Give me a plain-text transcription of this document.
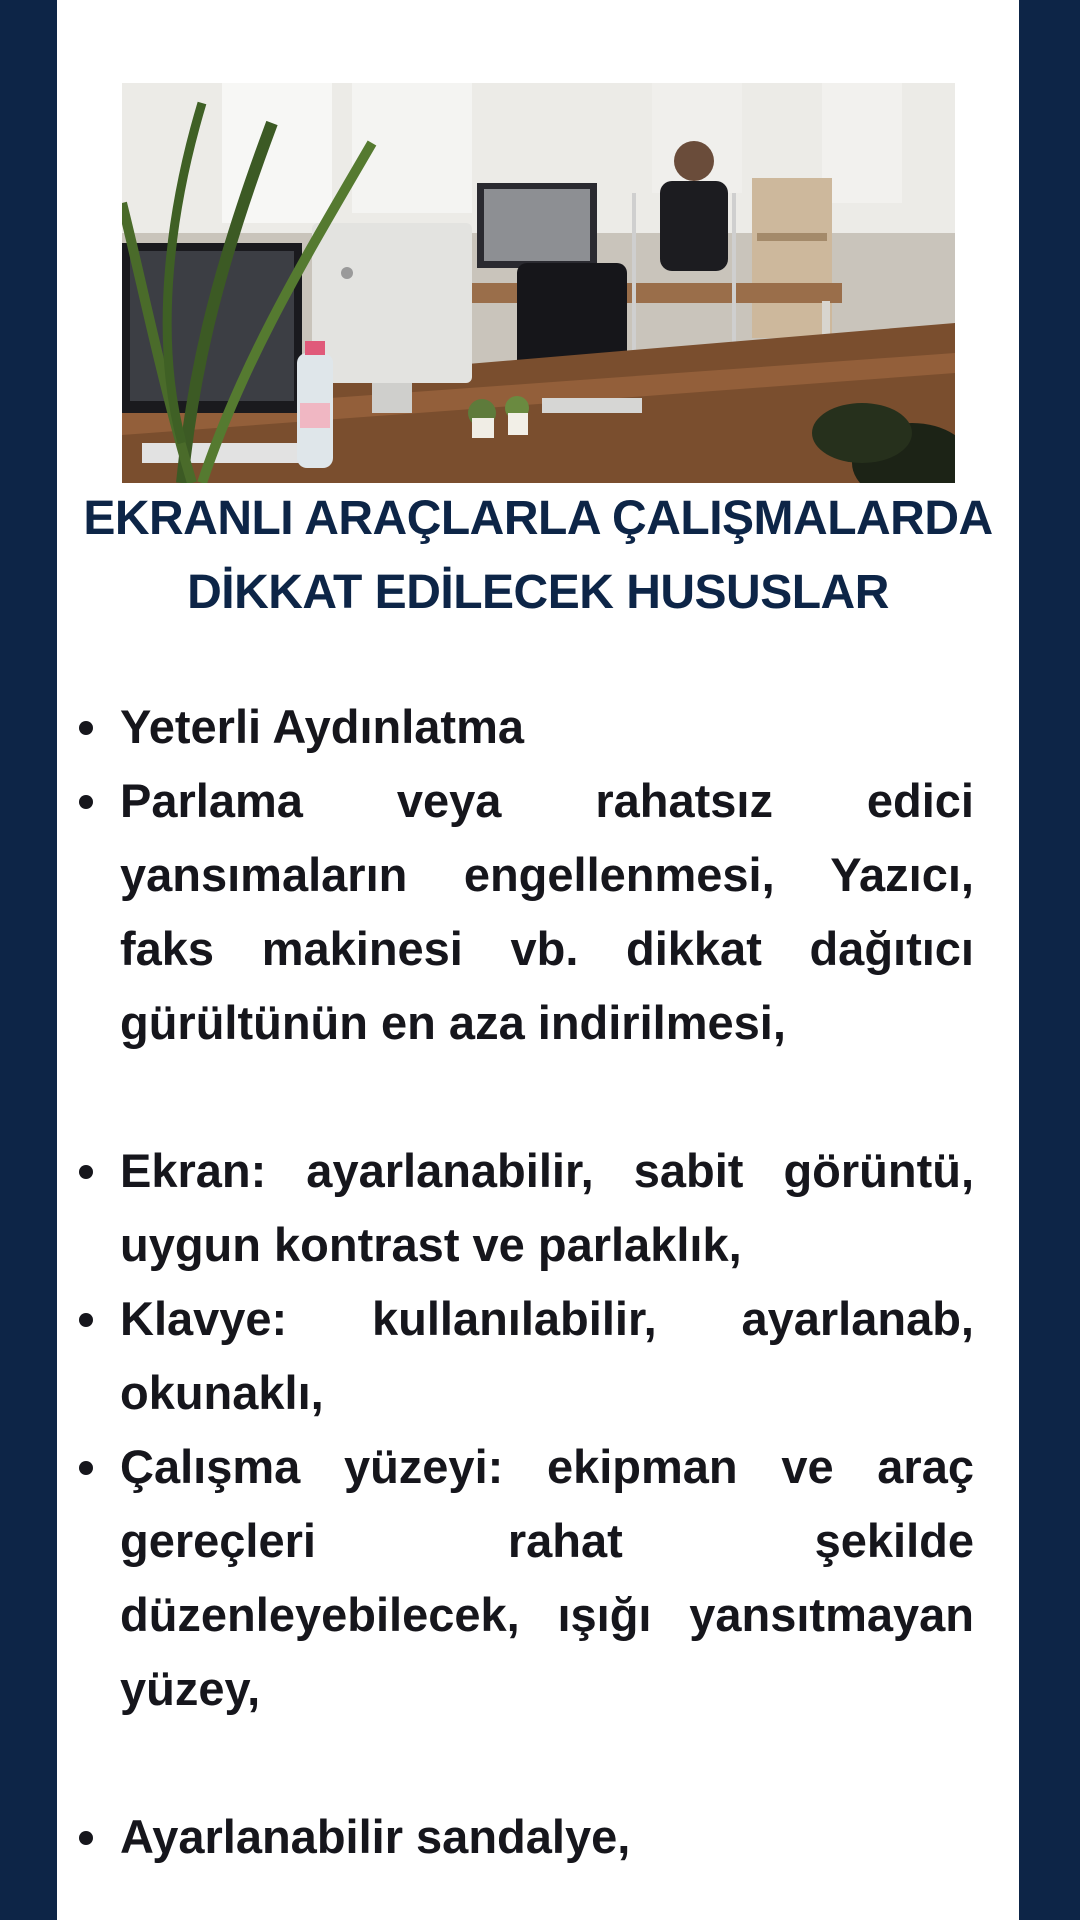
EKRANLI ARAÇLARLA ÇALIŞMALARDA
DİKKAT EDİLECEK HUSUSLAR
Yeterli Aydınlatma
Parlama veya rahatsız edici yansımaların engellenmesi, Yazıcı, faks makinesi vb. dikkat dağıtıcı gürültünün en aza indirilmesi,
Ekran: ayarlanabilir, sabit görüntü, uygun kontrast ve parlaklık,
Klavye: kullanılabilir, ayarlanab, okunaklı,
Çalışma yüzeyi: ekipman ve araç gereçleri rahat şekilde düzenleyebilecek, ışığı yansıtmayan yüzey,
Ayarlanabilir sandalye,
